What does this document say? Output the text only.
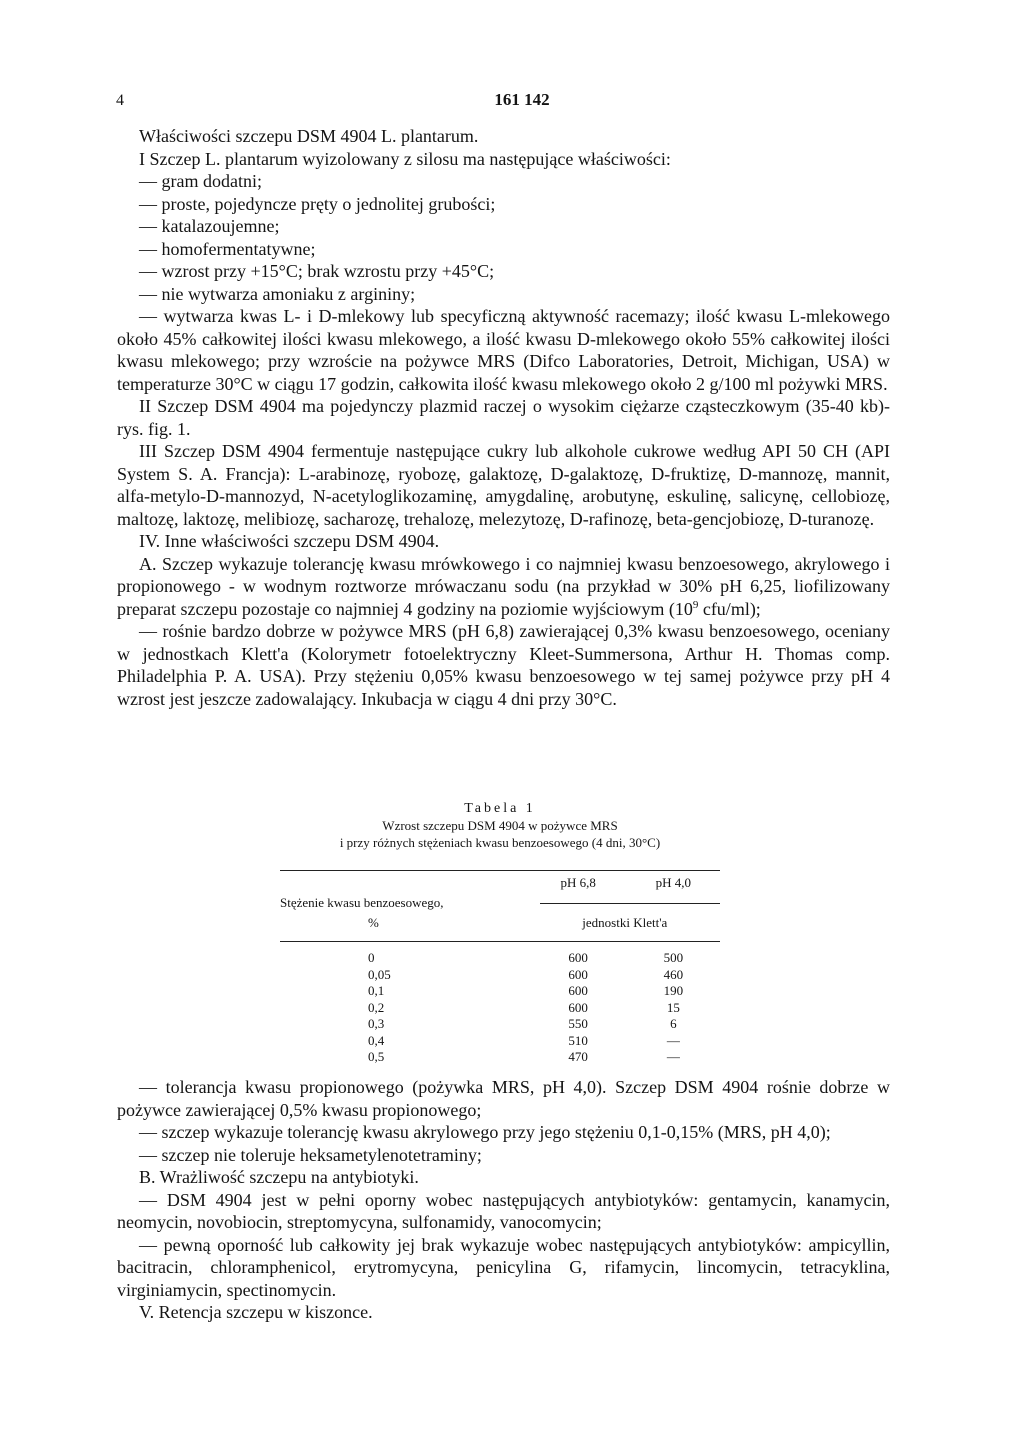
4	161 142

Właściwości szczepu DSM 4904 L. plantarum.

I Szczep L. plantarum wyizolowany z silosu ma następujące właściwości:

— gram dodatni;

— proste, pojedyncze pręty o jednolitej grubości;

— katalazoujemne;

— homofermentatywne;

— wzrost przy +15°C; brak wzrostu przy +45°C;

— nie wytwarza amoniaku z argininy;

— wytwarza kwas L- i D-mlekowy lub specyficzną aktywność racemazy; ilość kwasu L-mlekowego około 45% całkowitej ilości kwasu mlekowego, a ilość kwasu D-mlekowego około 55% całkowitej ilości kwasu mlekowego; przy wzroście na pożywce MRS (Difco Laboratories, Detroit, Michigan, USA) w temperaturze 30°C w ciągu 17 godzin, całkowita ilość kwasu mlekowego około 2 g/100 ml pożywki MRS.

II Szczep DSM 4904 ma pojedynczy plazmid raczej o wysokim ciężarze cząsteczkowym (35-40 kb)-rys. fig. 1.

III Szczep DSM 4904 fermentuje następujące cukry lub alkohole cukrowe według API 50 CH (API System S. A. Francja): L-arabinozę, ryobozę, galaktozę, D-galaktozę, D-fruktizę, D-mannozę, mannit, alfa-metylo-D-mannozyd, N-acetyloglikozaminę, amygdalinę, arobutynę, eskulinę, salicynę, cellobiozę, maltozę, laktozę, melibiozę, sacharozę, trehalozę, melezytozę, D-rafinozę, beta-gencjobiozę, D-turanozę.

IV. Inne właściwości szczepu DSM 4904.

A. Szczep wykazuje tolerancję kwasu mrówkowego i co najmniej kwasu benzoesowego, akrylowego i propionowego - w wodnym roztworze mrówaczanu sodu (na przykład w 30% pH 6,25, liofilizowany preparat szczepu pozostaje co najmniej 4 godziny na poziomie wyjściowym ($10^9$ cfu/ml);

— rośnie bardzo dobrze w pożywce MRS (pH 6,8) zawierającej 0,3% kwasu benzoesowego, oceniany w jednostkach Klett'a (Kolorymetr fotoelektryczny Kleet-Summersona, Arthur H. Thomas comp. Philadelphia P. A. USA). Przy stężeniu 0,05% kwasu benzoesowego w tej samej pożywce przy pH 4 wzrost jest jeszcze zadowalający. Inkubacja w ciągu 4 dni przy 30°C.

Tabela 1
Wzrost szczepu DSM 4904 w pożywce MRS
i przy różnych stężeniach kwasu benzoesowego (4 dni, 30°C)

	pH 6,8	pH 4,0
Stężenie kwasu benzoesowego,		

%	jednostki Klett'a	

0	600	500
0,05	600	460
0,1	600	190
0,2	600	15
0,3	550	6
0,4	510	—
0,5	470	—

— tolerancja kwasu propionowego (pożywka MRS, pH 4,0). Szczep DSM 4904 rośnie dobrze w pożywce zawierającej 0,5% kwasu propionowego;

— szczep wykazuje tolerancję kwasu akrylowego przy jego stężeniu 0,1-0,15% (MRS, pH 4,0);

— szczep nie toleruje heksametylenotetraminy;

B. Wrażliwość szczepu na antybiotyki.

— DSM 4904 jest w pełni oporny wobec następujących antybiotyków: gentamycin, kanamycin, neomycin, novobiocin, streptomycyna, sulfonamidy, vanocomycin;

— pewną oporność lub całkowity jej brak wykazuje wobec następujących antybiotyków: ampicyllin, bacitracin, chloramphenicol, erytromycyna, penicylina G, rifamycin, lincomycin, tetracyklina, virginiamycin, spectinomycin.

V. Retencja szczepu w kiszonce.
